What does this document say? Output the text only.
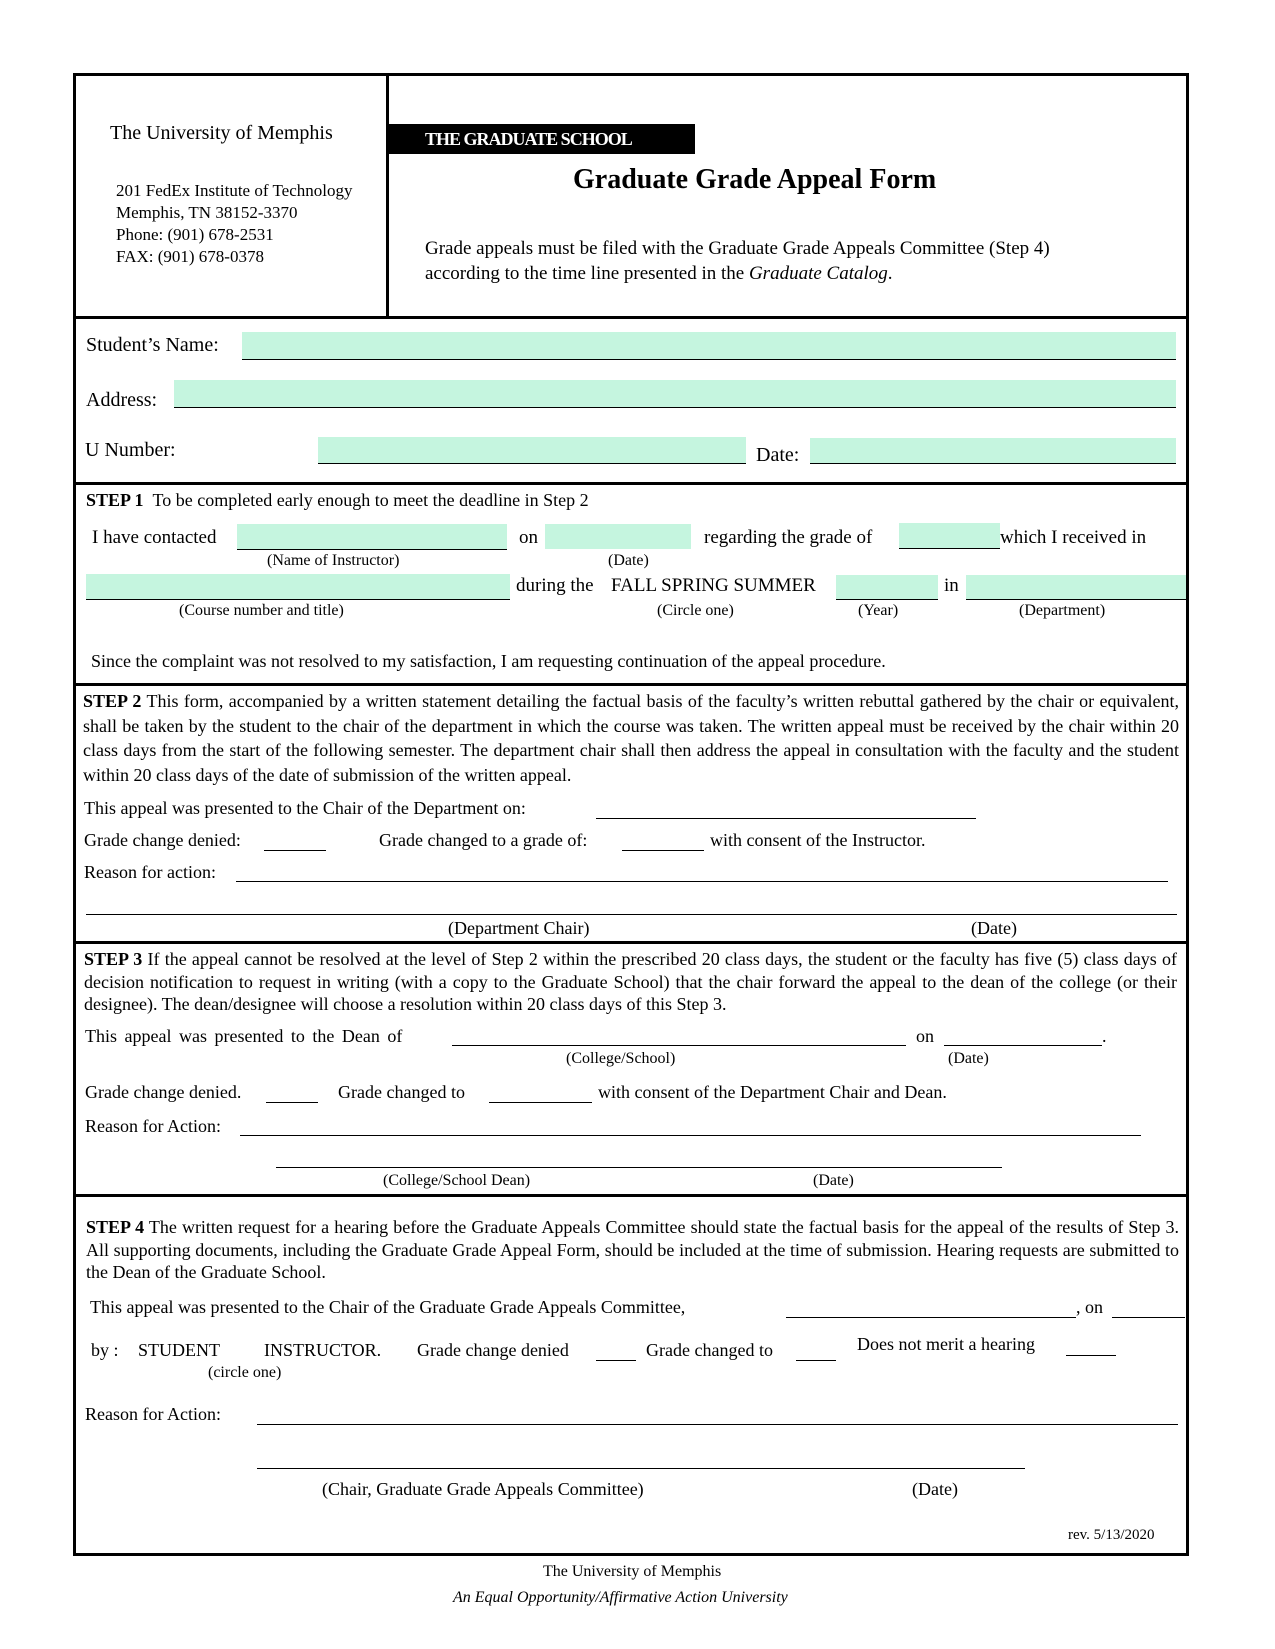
The University of Memphis
201 FedEx Institute of Technology
Memphis, TN 38152-3370
Phone: (901) 678-2531
FAX: (901) 678-0378
THE GRADUATE SCHOOL
Graduate Grade Appeal Form
Grade appeals must be filed with the Graduate Grade Appeals Committee (Step 4)
according to the time line presented in the Graduate Catalog.
Student’s Name:
Address:
U Number:	Date:
STEP 1 To be completed early enough to meet the deadline in Step 2
I have contacted	on	regarding the grade of	which I received in
(Name of Instructor)	(Date)
during the FALL SPRING SUMMER	in
(Course number and title)	(Circle one)	(Year)	(Department)
Since the complaint was not resolved to my satisfaction, I am requesting continuation of the appeal procedure.
STEP 2 This form, accompanied by a written statement detailing the factual basis of the faculty’s written rebuttal gathered by the chair or equivalent, shall be taken by the student to the chair of the department in which the course was taken. The written appeal must be received by the chair within 20 class days from the start of the following semester. The department chair shall then address the appeal in consultation with the faculty and the student within 20 class days of the date of submission of the written appeal.
This appeal was presented to the Chair of the Department on:
Grade change denied:	Grade changed to a grade of:	with consent of the Instructor.
Reason for action:
(Department Chair)	(Date)
STEP 3 If the appeal cannot be resolved at the level of Step 2 within the prescribed 20 class days, the student or the faculty has five (5) class days of decision notification to request in writing (with a copy to the Graduate School) that the chair forward the appeal to the dean of the college (or their designee). The dean/designee will choose a resolution within 20 class days of this Step 3.
This appeal was presented to the Dean of	on	.
(College/School)	(Date)
Grade change denied.	Grade changed to	with consent of the Department Chair and Dean.
Reason for Action:
(College/School Dean)	(Date)
STEP 4 The written request for a hearing before the Graduate Appeals Committee should state the factual basis for the appeal of the results of Step 3. All supporting documents, including the Graduate Grade Appeal Form, should be included at the time of submission. Hearing requests are submitted to the Dean of the Graduate School.
This appeal was presented to the Chair of the Graduate Grade Appeals Committee,	, on
by : STUDENT INSTRUCTOR. Grade change denied	Grade changed to	Does not merit a hearing
(circle one)
Reason for Action:
(Chair, Graduate Grade Appeals Committee)	(Date)
rev. 5/13/2020
The University of Memphis
An Equal Opportunity/Affirmative Action University
